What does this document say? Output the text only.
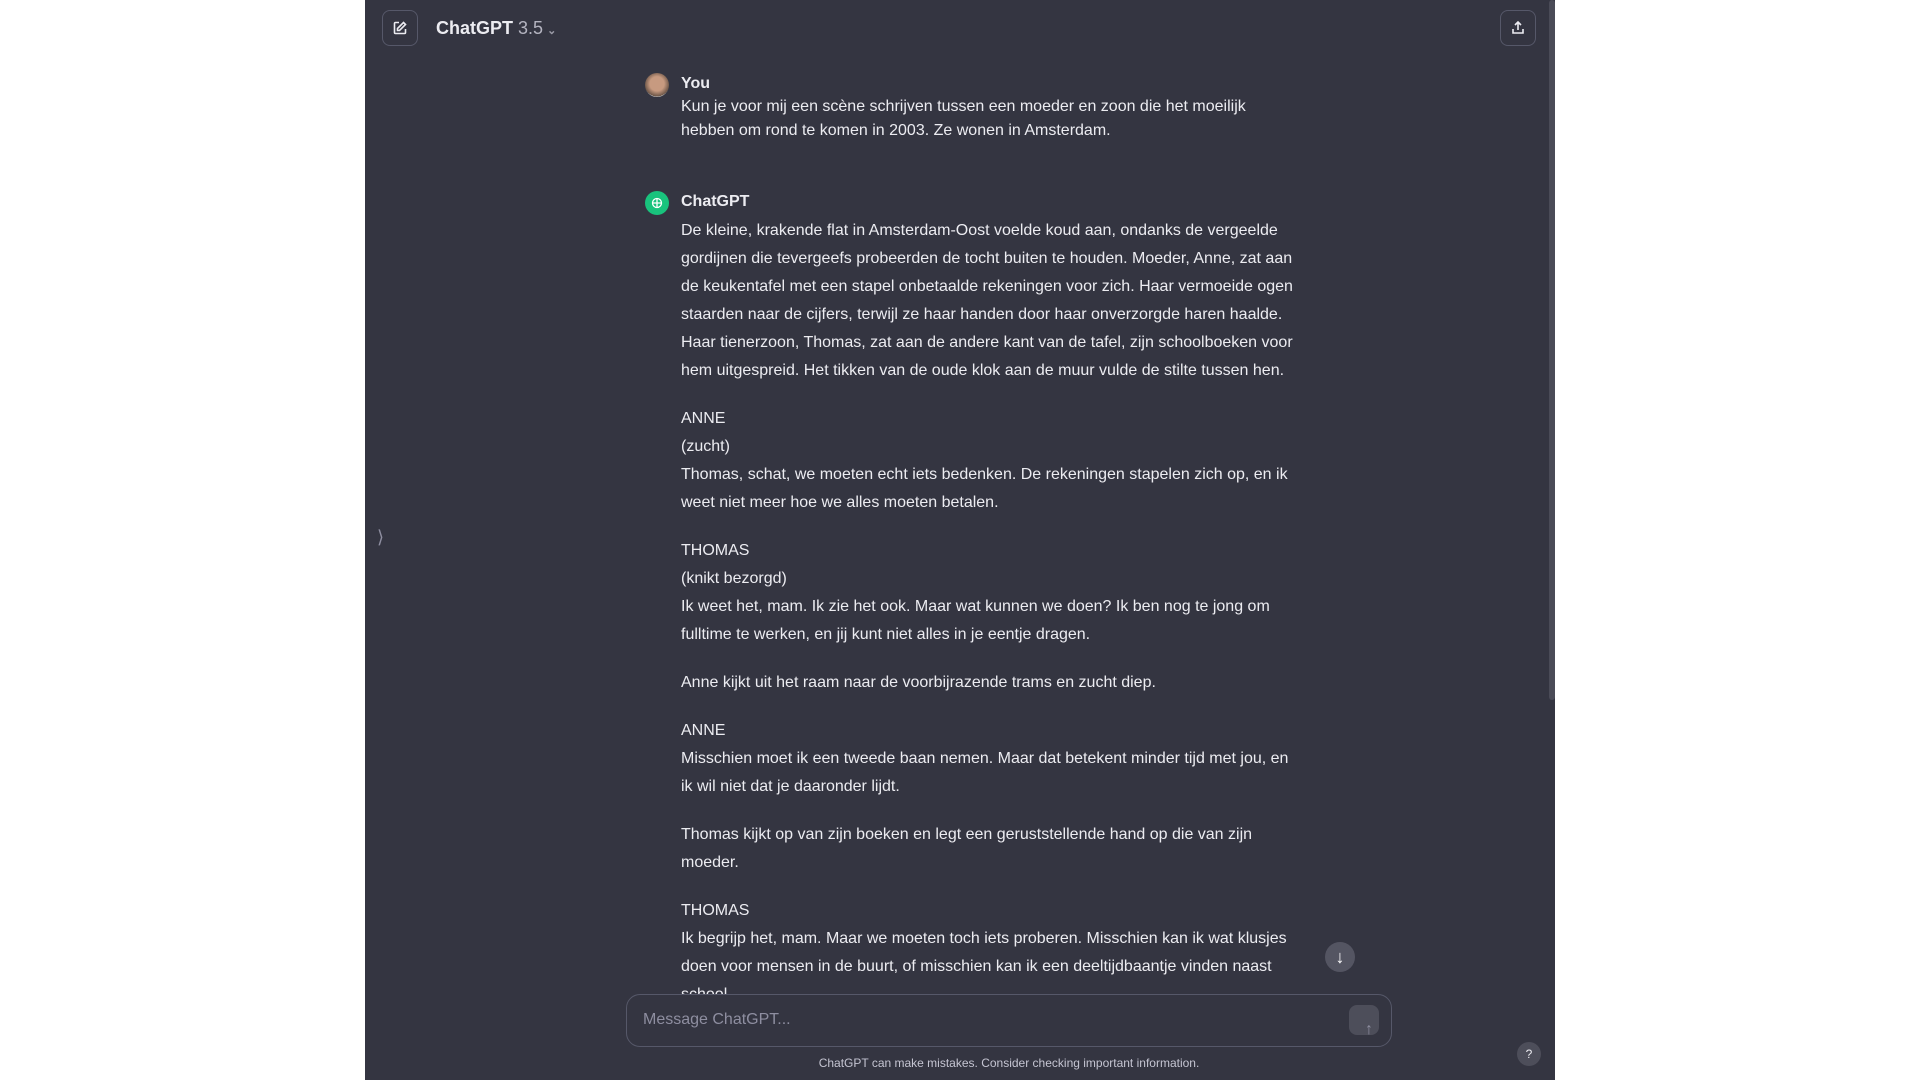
ChatGPT 3.5 ⌄
⟩
You
Kun je voor mij een scène schrijven tussen een moeder en zoon die het moeilijk hebben om rond te komen in 2003. Ze wonen in Amsterdam.
ChatGPT
De kleine, krakende flat in Amsterdam-Oost voelde koud aan, ondanks de vergeelde gordijnen die tevergeefs probeerden de tocht buiten te houden. Moeder, Anne, zat aan de keukentafel met een stapel onbetaalde rekeningen voor zich. Haar vermoeide ogen staarden naar de cijfers, terwijl ze haar handen door haar onverzorgde haren haalde. Haar tienerzoon, Thomas, zat aan de andere kant van de tafel, zijn schoolboeken voor hem uitgespreid. Het tikken van de oude klok aan de muur vulde de stilte tussen hen.
ANNE
(zucht)
Thomas, schat, we moeten echt iets bedenken. De rekeningen stapelen zich op, en ik weet niet meer hoe we alles moeten betalen.
THOMAS
(knikt bezorgd)
Ik weet het, mam. Ik zie het ook. Maar wat kunnen we doen? Ik ben nog te jong om fulltime te werken, en jij kunt niet alles in je eentje dragen.
Anne kijkt uit het raam naar de voorbijrazende trams en zucht diep.
ANNE
Misschien moet ik een tweede baan nemen. Maar dat betekent minder tijd met jou, en ik wil niet dat je daaronder lijdt.
Thomas kijkt op van zijn boeken en legt een geruststellende hand op die van zijn moeder.
THOMAS
Ik begrijp het, mam. Maar we moeten toch iets proberen. Misschien kan ik wat klusjes doen voor mensen in de buurt, of misschien kan ik een deeltijdbaantje vinden naast	↓
Message ChatGPT...
↑
ChatGPT can make mistakes. Consider checking important information.
?
